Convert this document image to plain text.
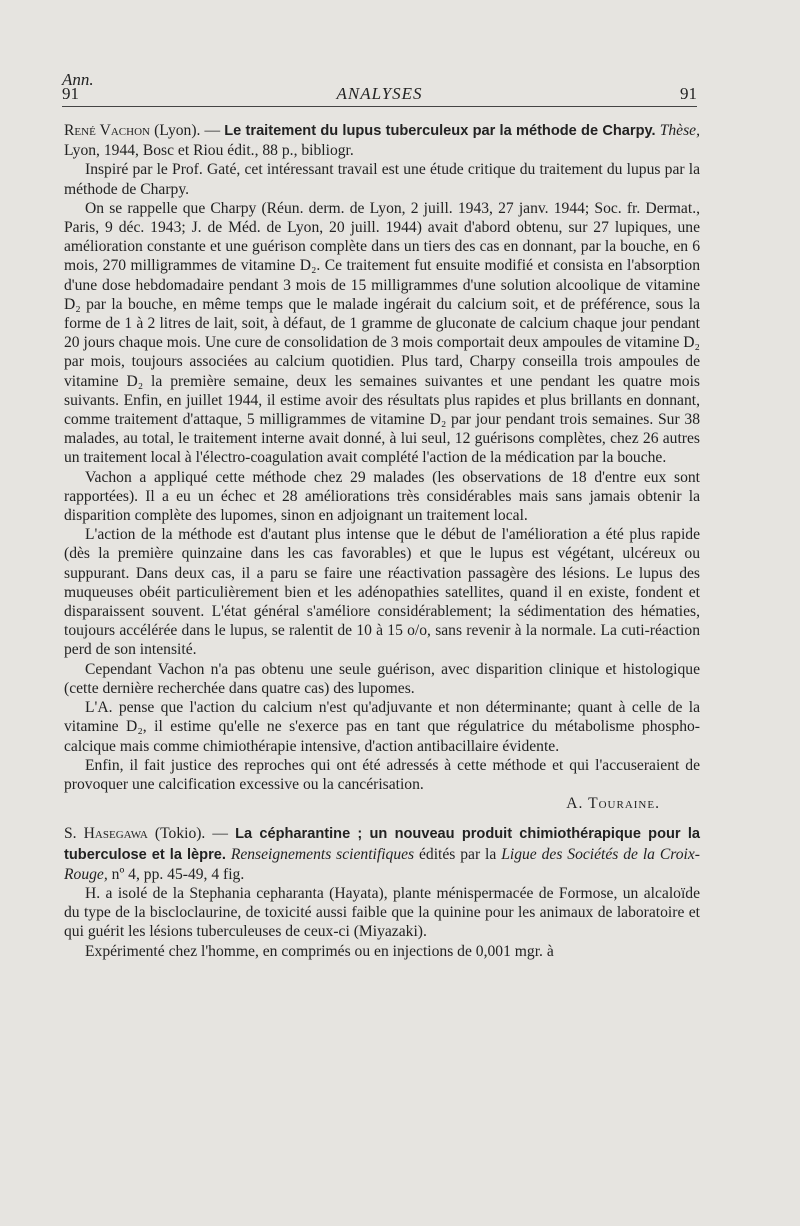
Ann.
91	ANALYSES	91

René Vachon (Lyon). — Le traitement du lupus tuberculeux par la méthode de Charpy. Thèse, Lyon, 1944, Bosc et Riou édit., 88 p., bibliogr.

Inspiré par le Prof. Gaté, cet intéressant travail est une étude critique du traitement du lupus par la méthode de Charpy.

On se rappelle que Charpy (Réun. derm. de Lyon, 2 juill. 1943, 27 janv. 1944; Soc. fr. Dermat., Paris, 9 déc. 1943; J. de Méd. de Lyon, 20 juill. 1944) avait d'abord obtenu, sur 27 lupiques, une amélioration constante et une guérison complète dans un tiers des cas en donnant, par la bouche, en 6 mois, 270 milligrammes de vitamine D₂. Ce traitement fut ensuite modifié et consista en l'absorption d'une dose hebdomadaire pendant 3 mois de 15 milligrammes d'une solution alcoolique de vitamine D₂ par la bouche, en même temps que le malade ingérait du calcium soit, et de préférence, sous la forme de 1 à 2 litres de lait, soit, à défaut, de 1 gramme de gluconate de calcium chaque jour pendant 20 jours chaque mois. Une cure de consolidation de 3 mois comportait deux ampoules de vitamine D₂ par mois, toujours associées au calcium quotidien. Plus tard, Charpy conseilla trois ampoules de vitamine D₂ la première semaine, deux les semaines suivantes et une pendant les quatre mois suivants. Enfin, en juillet 1944, il estime avoir des résultats plus rapides et plus brillants en donnant, comme traitement d'attaque, 5 milligrammes de vitamine D₂ par jour pendant trois semaines. Sur 38 malades, au total, le traitement interne avait donné, à lui seul, 12 guérisons complètes, chez 26 autres un traitement local à l'électro-coagulation avait complété l'action de la médication par la bouche.

Vachon a appliqué cette méthode chez 29 malades (les observations de 18 d'entre eux sont rapportées). Il a eu un échec et 28 améliorations très considérables mais sans jamais obtenir la disparition complète des lupomes, sinon en adjoignant un traitement local.

L'action de la méthode est d'autant plus intense que le début de l'amélioration a été plus rapide (dès la première quinzaine dans les cas favorables) et que le lupus est végétant, ulcéreux ou suppurant. Dans deux cas, il a paru se faire une réactivation passagère des lésions. Le lupus des muqueuses obéit particulièrement bien et les adénopathies satellites, quand il en existe, fondent et disparaissent souvent. L'état général s'améliore considérablement; la sédimentation des hématies, toujours accélérée dans le lupus, se ralentit de 10 à 15 o/o, sans revenir à la normale. La cuti-réaction perd de son intensité.

Cependant Vachon n'a pas obtenu une seule guérison, avec disparition clinique et histologique (cette dernière recherchée dans quatre cas) des lupomes.

L'A. pense que l'action du calcium n'est qu'adjuvante et non déterminante; quant à celle de la vitamine D₂, il estime qu'elle ne s'exerce pas en tant que régulatrice du métabolisme phospho-calcique mais comme chimiothérapie intensive, d'action antibacillaire évidente.

Enfin, il fait justice des reproches qui ont été adressés à cette méthode et qui l'accuseraient de provoquer une calcification excessive ou la cancérisation.

A. Touraine.

S. Hasegawa (Tokio). — La cépharantine ; un nouveau produit chimiothérapique pour la tuberculose et la lèpre. Renseignements scientifiques édités par la Ligue des Sociétés de la Croix-Rouge, nº 4, pp. 45-49, 4 fig.

H. a isolé de la Stephania cepharanta (Hayata), plante ménispermacée de Formose, un alcaloïde du type de la biscloclaurine, de toxicité aussi faible que la quinine pour les animaux de laboratoire et qui guérit les lésions tuberculeuses de ceux-ci (Miyazaki).

Expérimenté chez l'homme, en comprimés ou en injections de 0,001 mgr. à
